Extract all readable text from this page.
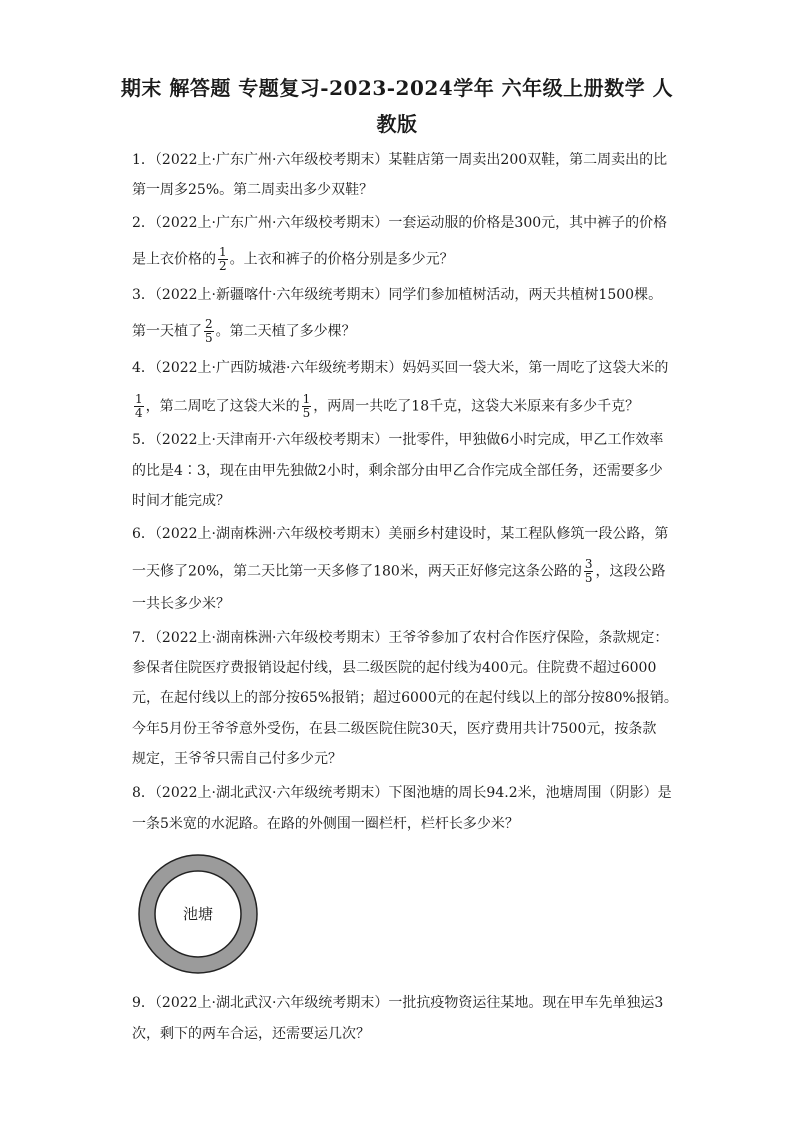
期末 解答题 专题复习-2023-2024学年 六年级上册数学 人
教版
1．（2022上·广东广州·六年级校考期末）某鞋店第一周卖出200双鞋，第二周卖出的比
第一周多25%。第二周卖出多少双鞋？
2．（2022上·广东广州·六年级校考期末）一套运动服的价格是300元，其中裤子的价格
是上衣价格的 $\frac{1}{2}$ 。上衣和裤子的价格分别是多少元？
3．（2022上·新疆喀什·六年级统考期末）同学们参加植树活动，两天共植树1500棵。
第一天植了 $\frac{2}{5}$ 。第二天植了多少棵？
4．（2022上·广西防城港·六年级统考期末）妈妈买回一袋大米，第一周吃了这袋大米的
$\frac{1}{4}$ ，第二周吃了这袋大米的 $\frac{1}{5}$ ，两周一共吃了18千克，这袋大米原来有多少千克？
5．（2022上·天津南开·六年级校考期末）一批零件，甲独做6小时完成，甲乙工作效率
的比是4∶3，现在由甲先独做2小时，剩余部分由甲乙合作完成全部任务，还需要多少
时间才能完成？
6．（2022上·湖南株洲·六年级校考期末）美丽乡村建设时，某工程队修筑一段公路，第
一天修了20%，第二天比第一天多修了180米，两天正好修完这条公路的 $\frac{3}{5}$ ，这段公路
一共长多少米？
7．（2022上·湖南株洲·六年级校考期末）王爷爷参加了农村合作医疗保险，条款规定：
参保者住院医疗费报销设起付线，县二级医院的起付线为400元。住院费不超过6000
元，在起付线以上的部分按65%报销；超过6000元的在起付线以上的部分按80%报销。
今年5月份王爷爷意外受伤，在县二级医院住院30天，医疗费用共计7500元，按条款
规定，王爷爷只需自己付多少元？
8．（2022上·湖北武汉·六年级统考期末）下图池塘的周长94.2米，池塘周围（阴影）是
一条5米宽的水泥路。在路的外侧围一圈栏杆，栏杆长多少米？
池塘
9．（2022上·湖北武汉·六年级统考期末）一批抗疫物资运往某地。现在甲车先单独运3
次，剩下的两车合运，还需要运几次？
